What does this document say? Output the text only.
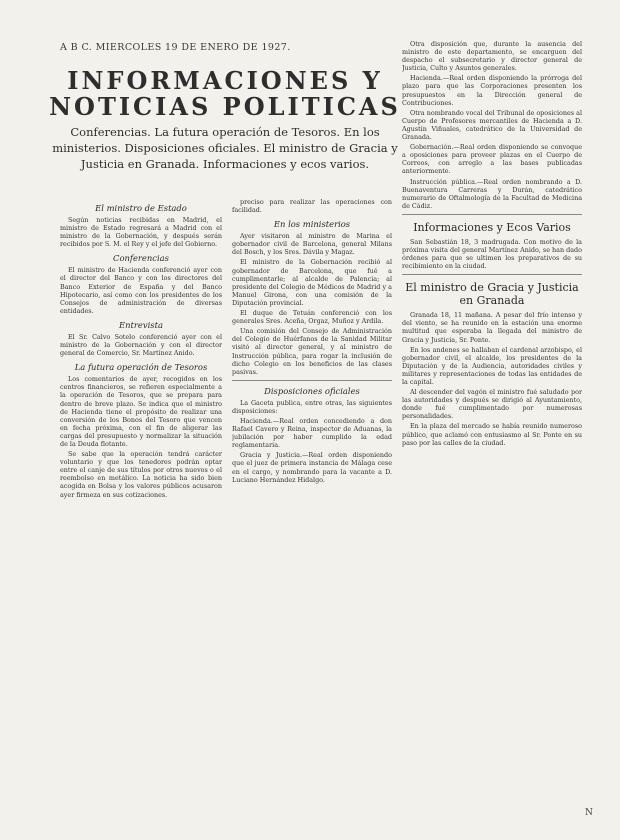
A B C. MIERCOLES 19 DE ENERO DE 1927.
INFORMACIONES Y NOTICIAS POLITICAS
Conferencias. La futura operación de Tesoros. En los ministerios. Disposiciones oficiales. El ministro de Gracia y Justicia en Granada. Informaciones y ecos varios.
El ministro de Estado

Según noticias recibidas en Madrid, el ministro de Estado regresará a Madrid con el ministro de la Gobernación, y después serán recibidos por S. M. el Rey y el jefe del Gobierno.

Conferencias

El ministro de Hacienda conferenció ayer con el director del Banco y con los directores del Banco Exterior de España y del Banco Hipotecario, así como con los presidentes de los Consejos de administración de diversas entidades.

Entrevista

El Sr. Calvo Sotelo conferenció ayer con el ministro de la Gobernación y con el director general de Comercio, Sr. Martínez Anido.

La futura operación de Tesoros

Los comentarios de ayer, recogidos en los centros financieros, se refieren especialmente a la operación de Tesoros, que se prepara para dentro de breve plazo. Se indica que el ministro de Hacienda tiene el propósito de realizar una conversión de los Bonos del Tesoro que vencen en fecha próxima, con el fin de aligerar las cargas del presupuesto y normalizar la situación de la Deuda flotante.

Se sabe que la operación tendrá carácter voluntario y que los tenedores podrán optar entre el canje de sus títulos por otros nuevos o el reembolso en metálico. La noticia ha sido bien acogida en Bolsa y los valores públicos acusaron ayer firmeza en sus cotizaciones.

preciso para realizar las operaciones con facilidad.

En los ministerios

Ayer visitaron al ministro de Marina el gobernador civil de Barcelona, general Milans del Bosch, y los Sres. Dávila y Magaz.

El ministro de la Gobernación recibió al gobernador de Barcelona, que fué a cumplimentarle; al alcalde de Palencia; al presidente del Colegio de Médicos de Madrid y a Manuel Girona, con una comisión de la Diputación provincial.

El duque de Tetuán conferenció con los generales Sres. Aceña, Orgaz, Muñoz y Ardila.

Una comisión del Consejo de Administración del Colegio de Huérfanos de la Sanidad Militar visitó al director general, y al ministro de Instrucción pública, para rogar la inclusión de dicho Colegio en los beneficios de las clases pasivas.

Disposiciones oficiales

La Gaceta publica, entre otras, las siguientes disposiciones:

Hacienda.—Real orden concediendo a don Rafael Cavero y Reina, inspector de Aduanas, la jubilación por haber cumplido la edad reglamentaria.

Gracia y Justicia.—Real orden disponiendo que el juez de primera instancia de Málaga cese en el cargo, y nombrando para la vacante a D. Luciano Hernández Hidalgo.

Otra disposición que, durante la ausencia del ministro de este departamento, se encarguen del despacho el subsecretario y director general de Justicia, Culto y Asuntos generales.

Hacienda.—Real orden disponiendo la prórroga del plazo para que las Corporaciones presenten los presupuestos en la Dirección general de Contribuciones.

Otra nombrando vocal del Tribunal de oposiciones al Cuerpo de Profesores mercantiles de Hacienda a D. Agustín Viñuales, catedrático de la Universidad de Granada.

Gobernación.—Real orden disponiendo se convoque a oposiciones para proveer plazas en el Cuerpo de Correos, con arreglo a las bases publicadas anteriormente.

Instrucción pública.—Real orden nombrando a D. Buenaventura Carreras y Durán, catedrático numerario de Oftalmología de la Facultad de Medicina de Cádiz.

Informaciones y Ecos Varios

San Sebastián 18, 3 madrugada. Con motivo de la próxima visita del general Martínez Anido, se han dado órdenes para que se ultimen los preparativos de su recibimiento en la ciudad.

El ministro de Gracia y Justicia en Granada

Granada 18, 11 mañana. A pesar del frío intenso y del viento, se ha reunido en la estación una enorme multitud que esperaba la llegada del ministro de Gracia y Justicia, Sr. Ponte.

En los andenes se hallaban el cardenal arzobispo, el gobernador civil, el alcalde, los presidentes de la Diputación y de la Audiencia, autoridades civiles y militares y representaciones de todas las entidades de la capital.

Al descender del vagón el ministro fué saludado por las autoridades y después se dirigió al Ayuntamiento, donde fué cumplimentado por numerosas personalidades.

En la plaza del mercado se había reunido numeroso público, que aclamó con entusiasmo al Sr. Ponte en su paso por las calles de la ciudad.

N
